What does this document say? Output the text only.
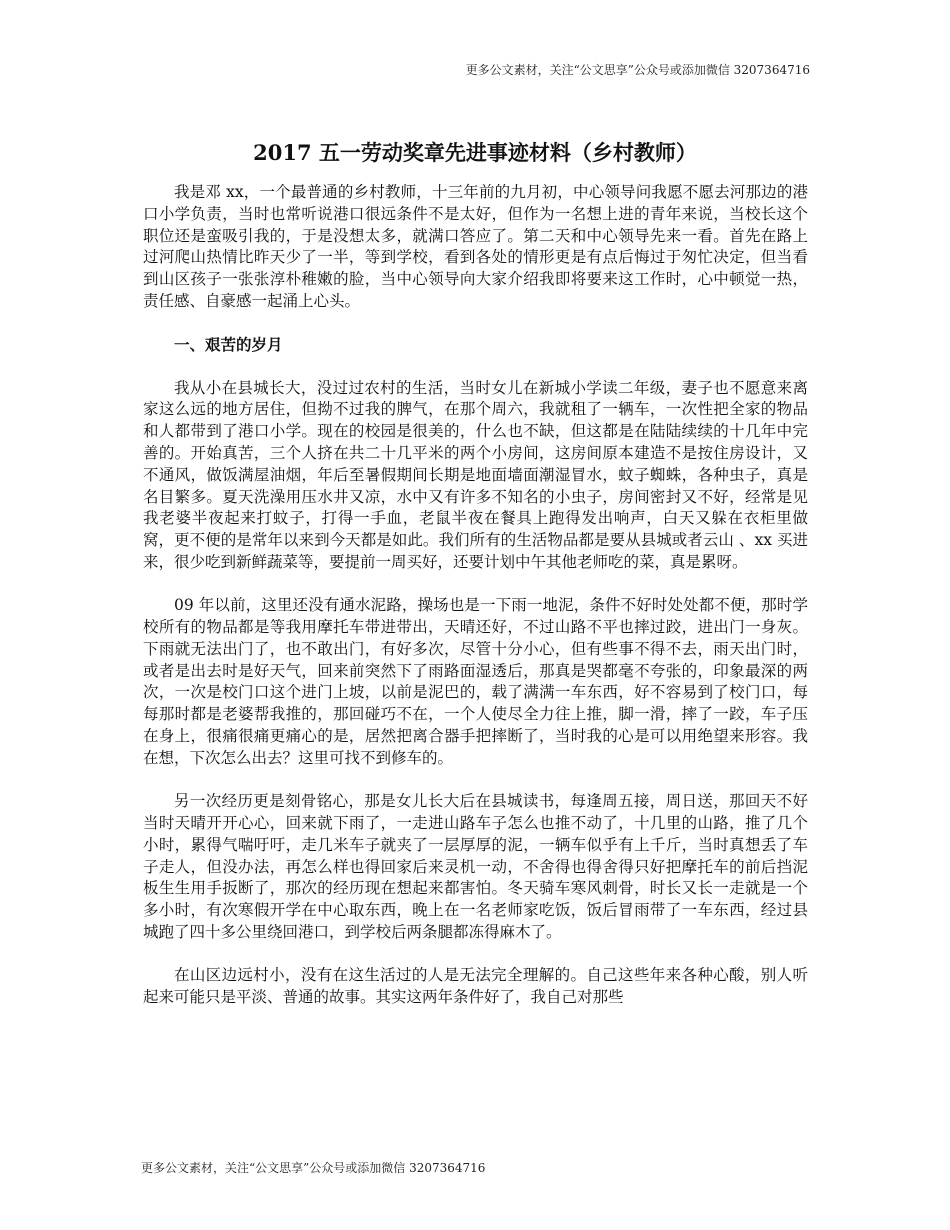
更多公文素材，关注“公文思享”公众号或添加微信 3207364716
2017 五一劳动奖章先进事迹材料（乡村教师）

我是邓 xx，一个最普通的乡村教师，十三年前的九月初，中心领导问我愿不愿去河那边的港口小学负责，当时也常听说港口很远条件不是太好，但作为一名想上进的青年来说，当校长这个职位还是蛮吸引我的，于是没想太多，就满口答应了。第二天和中心领导先来一看。首先在路上过河爬山热情比昨天少了一半，等到学校，看到各处的情形更是有点后悔过于匆忙决定，但当看到山区孩子一张张淳朴稚嫩的脸，当中心领导向大家介绍我即将要来这工作时，心中顿觉一热，责任感、自豪感一起涌上心头。

一、艰苦的岁月

我从小在县城长大，没过过农村的生活，当时女儿在新城小学读二年级，妻子也不愿意来离家这么远的地方居住，但拗不过我的脾气，在那个周六，我就租了一辆车，一次性把全家的物品和人都带到了港口小学。现在的校园是很美的，什么也不缺，但这都是在陆陆续续的十几年中完善的。开始真苦，三个人挤在共二十几平米的两个小房间，这房间原本建造不是按住房设计，又不通风，做饭满屋油烟，年后至暑假期间长期是地面墙面潮湿冒水，蚊子蜘蛛，各种虫子，真是名目繁多。夏天洗澡用压水井又凉，水中又有许多不知名的小虫子，房间密封又不好，经常是见我老婆半夜起来打蚊子，打得一手血，老鼠半夜在餐具上跑得发出响声，白天又躲在衣柜里做窝，更不便的是常年以来到今天都是如此。我们所有的生活物品都是要从县城或者云山 、xx 买进来，很少吃到新鲜蔬菜等，要提前一周买好，还要计划中午其他老师吃的菜，真是累呀。

09 年以前，这里还没有通水泥路，操场也是一下雨一地泥，条件不好时处处都不便，那时学校所有的物品都是等我用摩托车带进带出，天晴还好，不过山路不平也摔过跤，进出门一身灰。下雨就无法出门了，也不敢出门，有好多次，尽管十分小心，但有些事不得不去，雨天出门时，或者是出去时是好天气，回来前突然下了雨路面湿透后，那真是哭都毫不夸张的，印象最深的两次，一次是校门口这个进门上坡，以前是泥巴的，载了满满一车东西，好不容易到了校门口，每每那时都是老婆帮我推的，那回碰巧不在，一个人使尽全力往上推，脚一滑，摔了一跤，车子压在身上，很痛很痛更痛心的是，居然把离合器手把摔断了，当时我的心是可以用绝望来形容。我在想，下次怎么出去？这里可找不到修车的。

另一次经历更是刻骨铭心，那是女儿长大后在县城读书，每逢周五接，周日送，那回天不好当时天晴开开心心，回来就下雨了，一走进山路车子怎么也推不动了，十几里的山路，推了几个小时，累得气喘吁吁，走几米车子就夹了一层厚厚的泥，一辆车似乎有上千斤，当时真想丢了车子走人，但没办法，再怎么样也得回家后来灵机一动，不舍得也得舍得只好把摩托车的前后挡泥板生生用手扳断了，那次的经历现在想起来都害怕。冬天骑车寒风刺骨，时长又长一走就是一个多小时，有次寒假开学在中心取东西，晚上在一名老师家吃饭，饭后冒雨带了一车东西，经过县城跑了四十多公里绕回港口，到学校后两条腿都冻得麻木了。

在山区边远村小，没有在这生活过的人是无法完全理解的。自己这些年来各种心酸，别人听起来可能只是平淡、普通的故事。其实这两年条件好了，我自己对那些

更多公文素材，关注“公文思享”公众号或添加微信 3207364716
